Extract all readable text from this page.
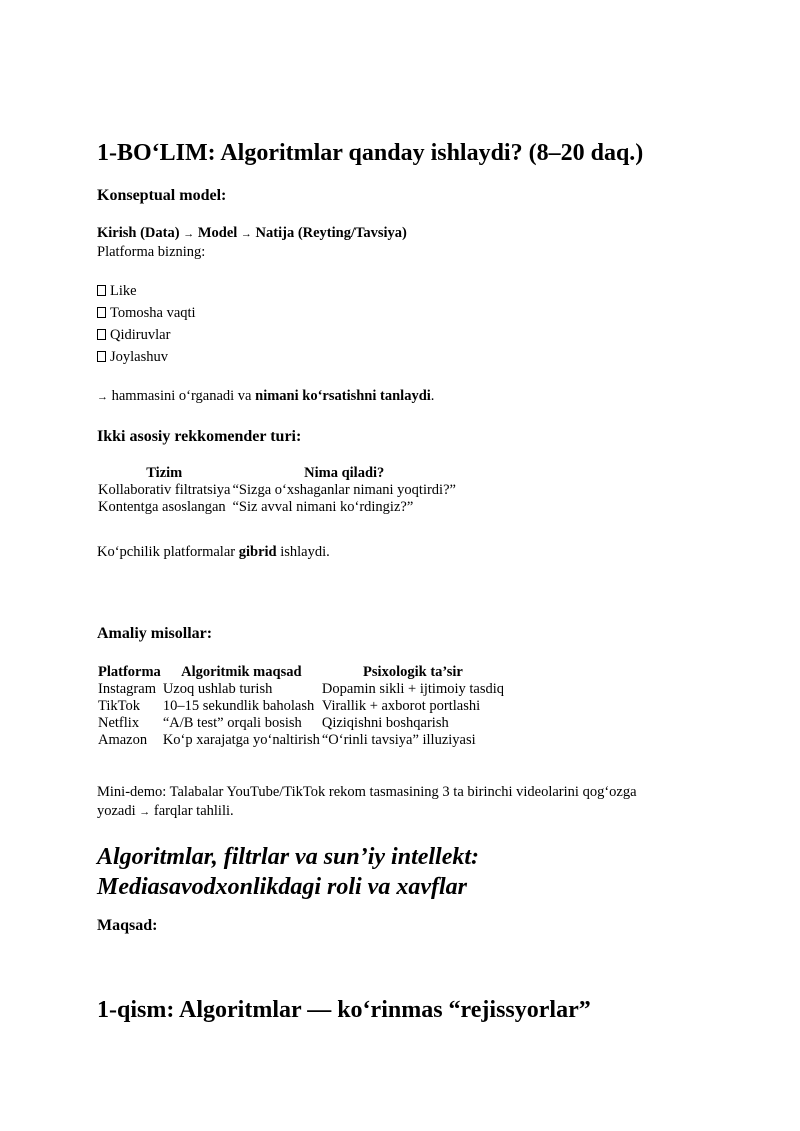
1-BO‘LIM: Algoritmlar qanday ishlaydi? (8–20 daq.)
Konseptual model:

Kirish (Data) → Model → Natija (Reyting/Tavsiya)

Platforma bizning:

Like

Tomosha vaqti

Qidiruvlar

Joylashuv

→ hammasini o‘rganadi va nimani ko‘rsatishni tanlaydi.

Ikki asosiy rekkomender turi:
Tizim	Nima qiladi?
Kollaborativ filtratsiya	“Sizga o‘xshaganlar nimani yoqtirdi?”
Kontentga asoslangan	“Siz avval nimani ko‘rdingiz?”

Ko‘pchilik platformalar gibrid ishlaydi.

Amaliy misollar:
Platforma	Algoritmik maqsad	Psixologik ta’sir
Instagram	Uzoq ushlab turish	Dopamin sikli + ijtimoiy tasdiq
TikTok	10–15 sekundlik baholash	Virallik + axborot portlashi
Netflix	“A/B test” orqali bosish	Qiziqishni boshqarish
Amazon	Ko‘p xarajatga yo‘naltirish	“O‘rinli tavsiya” illuziyasi

Mini-demo: Talabalar YouTube/TikTok rekom tasmasining 3 ta birinchi videolarini qog‘ozga

yozadi → farqlar tahlili.

Algoritmlar, filtrlar va sun’iy intellekt:
Mediasavodxonlikdagi roli va xavflar
Maqsad:
1-qism: Algoritmlar — ko‘rinmas “rejissyorlar”
